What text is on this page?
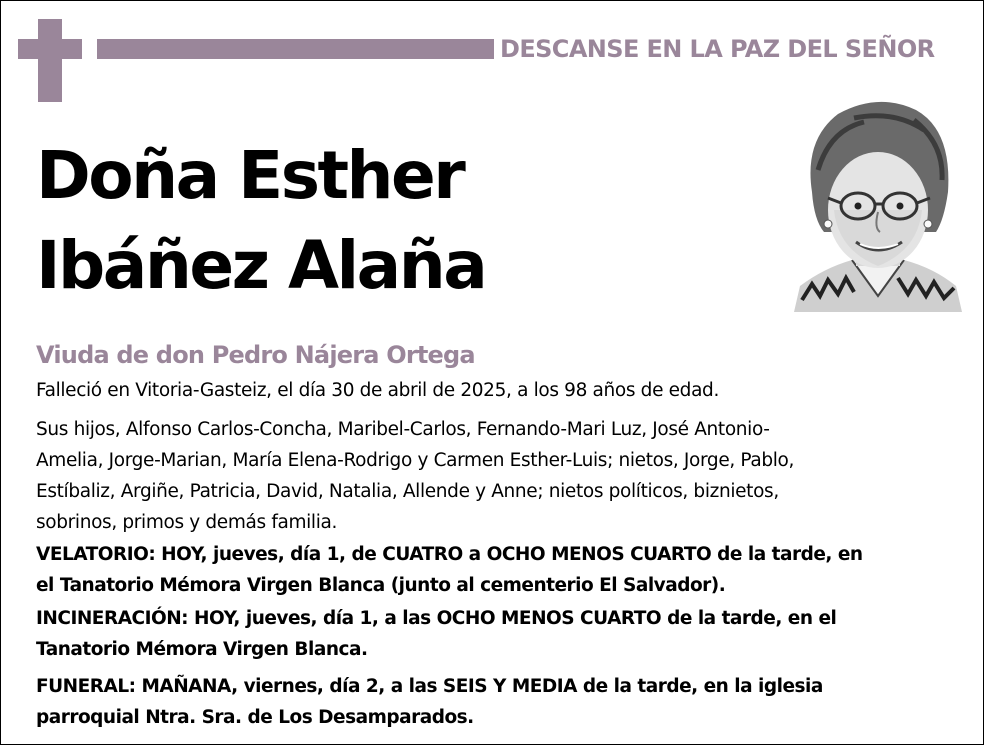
DESCANSE EN LA PAZ DEL SEÑOR
Doña Esther
Ibáñez Alaña
Viuda de don Pedro Nájera Ortega
Falleció en Vitoria-Gasteiz, el día 30 de abril de 2025, a los 98 años de edad.
Sus hijos, Alfonso Carlos-Concha, Maribel-Carlos, Fernando-Mari Luz, José Antonio-
Amelia, Jorge-Marian, María Elena-Rodrigo y Carmen Esther-Luis; nietos, Jorge, Pablo,
Estíbaliz, Argiñe, Patricia, David, Natalia, Allende y Anne; nietos políticos, biznietos,
sobrinos, primos y demás familia.
VELATORIO: HOY, jueves, día 1, de CUATRO a OCHO MENOS CUARTO de la tarde, en
el Tanatorio Mémora Virgen Blanca (junto al cementerio El Salvador).
INCINERACIÓN: HOY, jueves, día 1, a las OCHO MENOS CUARTO de la tarde, en el
Tanatorio Mémora Virgen Blanca.
FUNERAL: MAÑANA, viernes, día 2, a las SEIS Y MEDIA de la tarde, en la iglesia
parroquial Ntra. Sra. de Los Desamparados.
